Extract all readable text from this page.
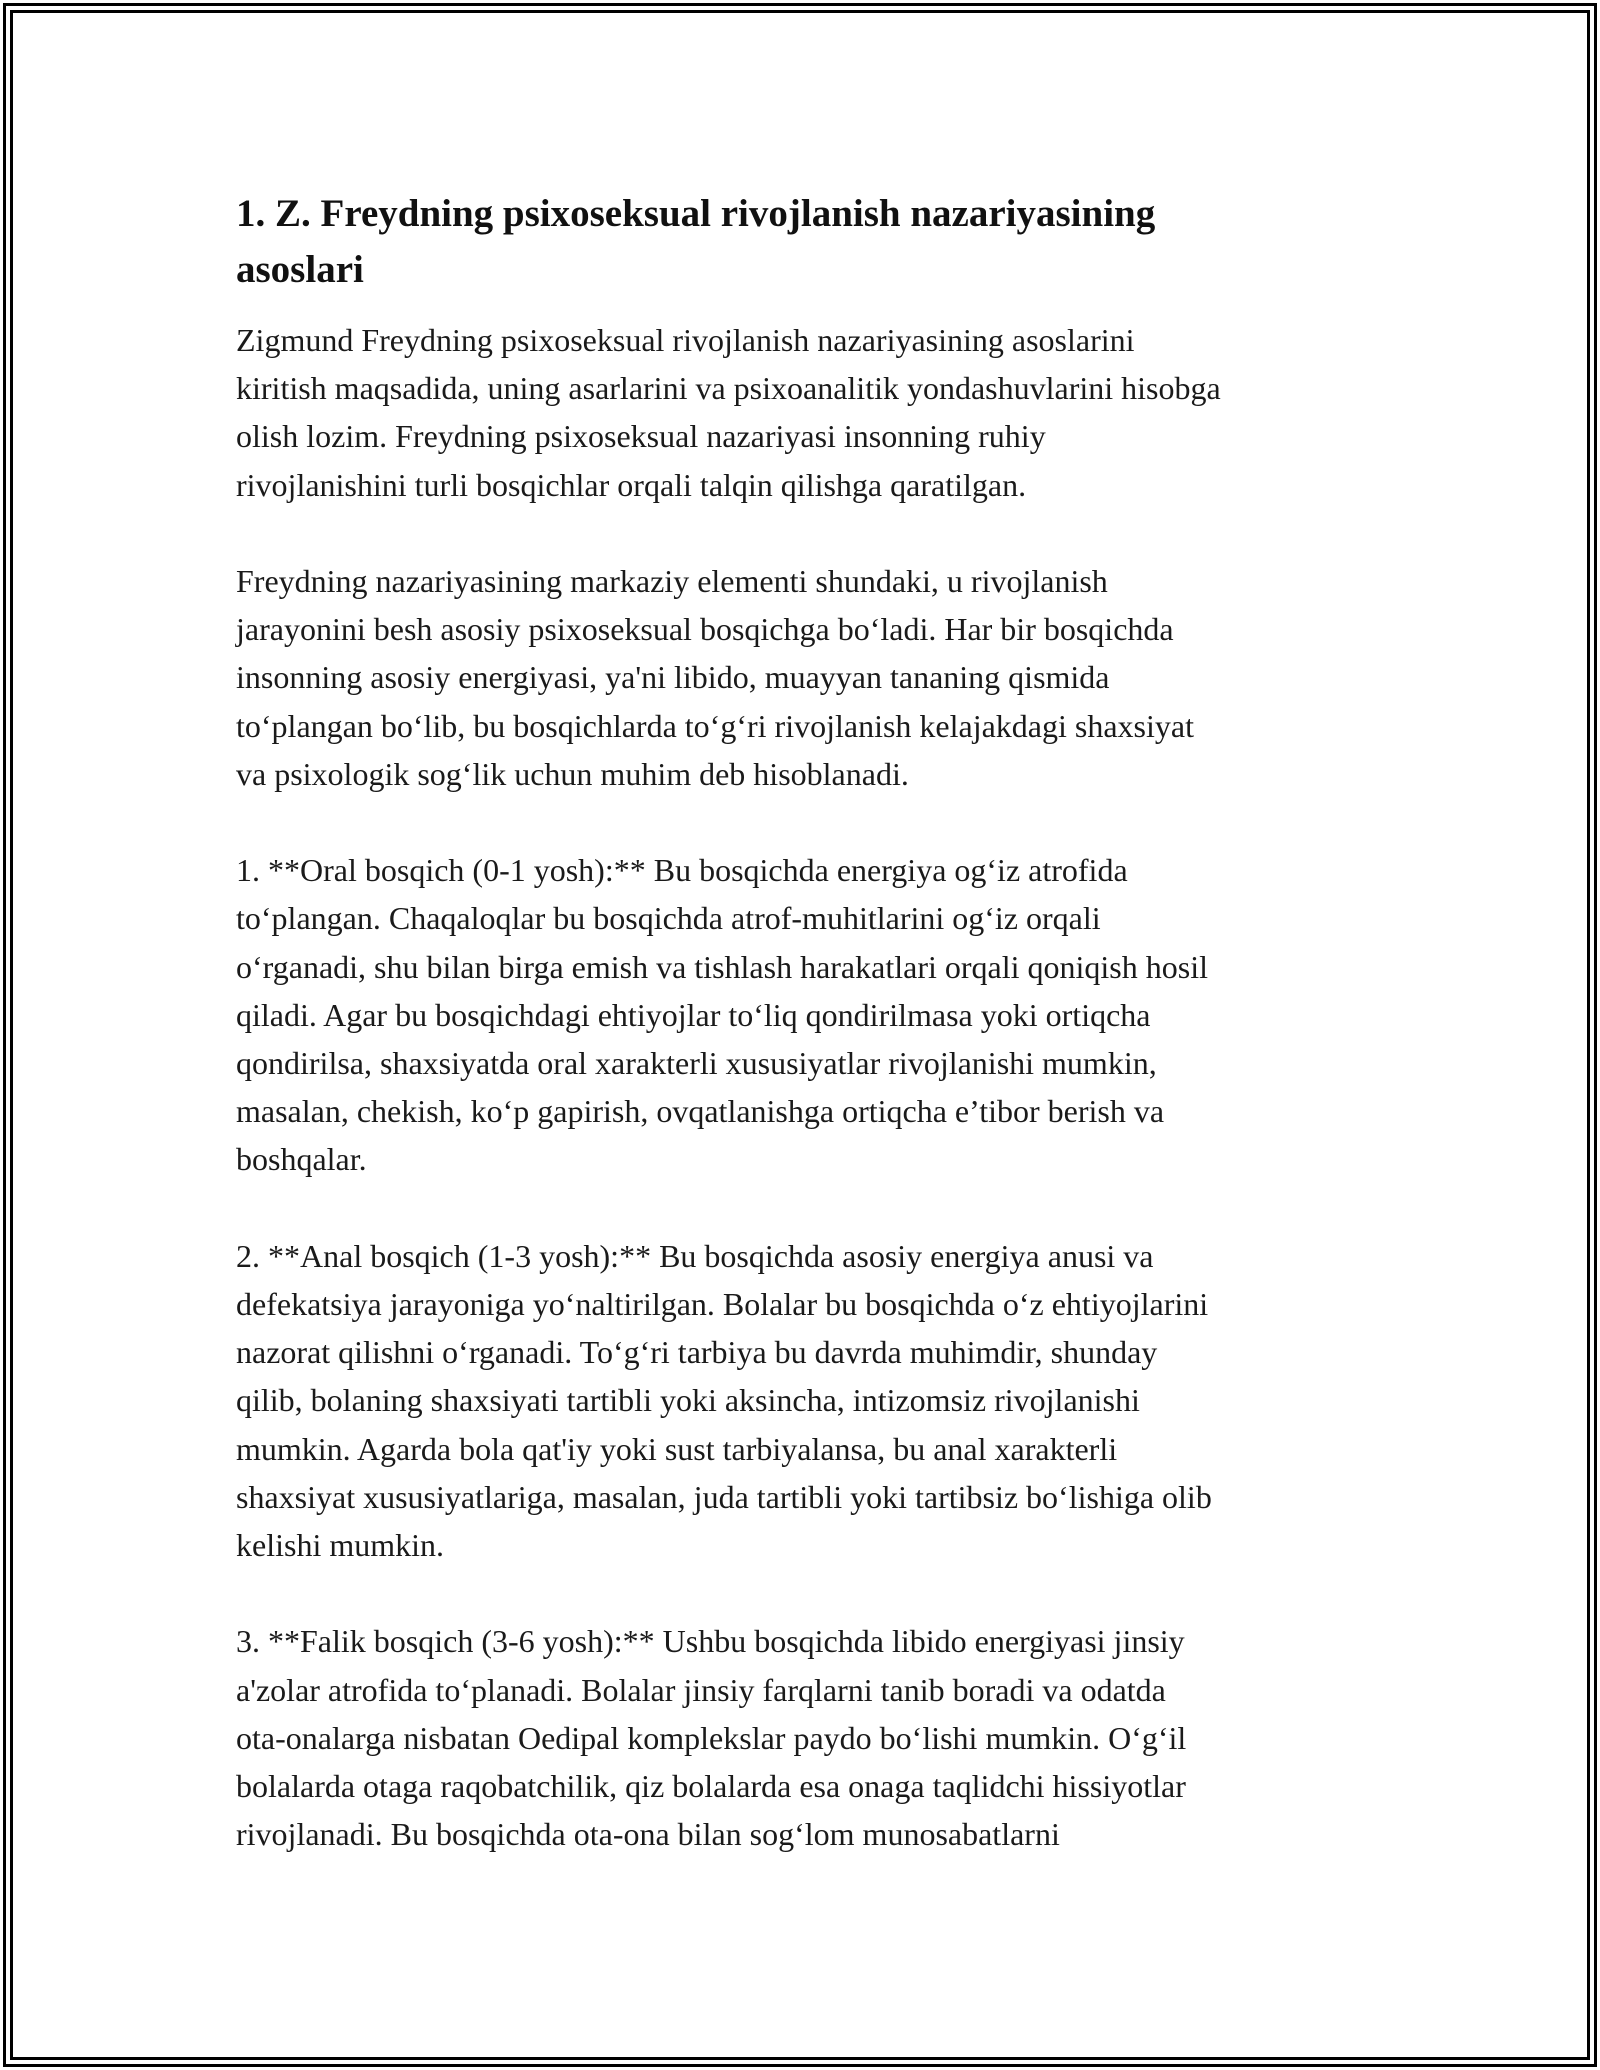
1. Z. Freydning psixoseksual rivojlanish nazariyasining
asoslari
Zigmund Freydning psixoseksual rivojlanish nazariyasining asoslarini
kiritish maqsadida, uning asarlarini va psixoanalitik yondashuvlarini hisobga
olish lozim. Freydning psixoseksual nazariyasi insonning ruhiy
rivojlanishini turli bosqichlar orqali talqin qilishga qaratilgan.
Freydning nazariyasining markaziy elementi shundaki, u rivojlanish
jarayonini besh asosiy psixoseksual bosqichga bo‘ladi. Har bir bosqichda
insonning asosiy energiyasi, ya'ni libido, muayyan tananing qismida
to‘plangan bo‘lib, bu bosqichlarda to‘g‘ri rivojlanish kelajakdagi shaxsiyat
va psixologik sog‘lik uchun muhim deb hisoblanadi.
1. **Oral bosqich (0-1 yosh):** Bu bosqichda energiya og‘iz atrofida
to‘plangan. Chaqaloqlar bu bosqichda atrof-muhitlarini og‘iz orqali
o‘rganadi, shu bilan birga emish va tishlash harakatlari orqali qoniqish hosil
qiladi. Agar bu bosqichdagi ehtiyojlar to‘liq qondirilmasa yoki ortiqcha
qondirilsa, shaxsiyatda oral xarakterli xususiyatlar rivojlanishi mumkin,
masalan, chekish, ko‘p gapirish, ovqatlanishga ortiqcha e’tibor berish va
boshqalar.
2. **Anal bosqich (1-3 yosh):** Bu bosqichda asosiy energiya anusi va
defekatsiya jarayoniga yo‘naltirilgan. Bolalar bu bosqichda o‘z ehtiyojlarini
nazorat qilishni o‘rganadi. To‘g‘ri tarbiya bu davrda muhimdir, shunday
qilib, bolaning shaxsiyati tartibli yoki aksincha, intizomsiz rivojlanishi
mumkin. Agarda bola qat'iy yoki sust tarbiyalansa, bu anal xarakterli
shaxsiyat xususiyatlariga, masalan, juda tartibli yoki tartibsiz bo‘lishiga olib
kelishi mumkin.
3. **Falik bosqich (3-6 yosh):** Ushbu bosqichda libido energiyasi jinsiy
a'zolar atrofida to‘planadi. Bolalar jinsiy farqlarni tanib boradi va odatda
ota-onalarga nisbatan Oedipal komplekslar paydo bo‘lishi mumkin. O‘g‘il
bolalarda otaga raqobatchilik, qiz bolalarda esa onaga taqlidchi hissiyotlar
rivojlanadi. Bu bosqichda ota-ona bilan sog‘lom munosabatlarni
